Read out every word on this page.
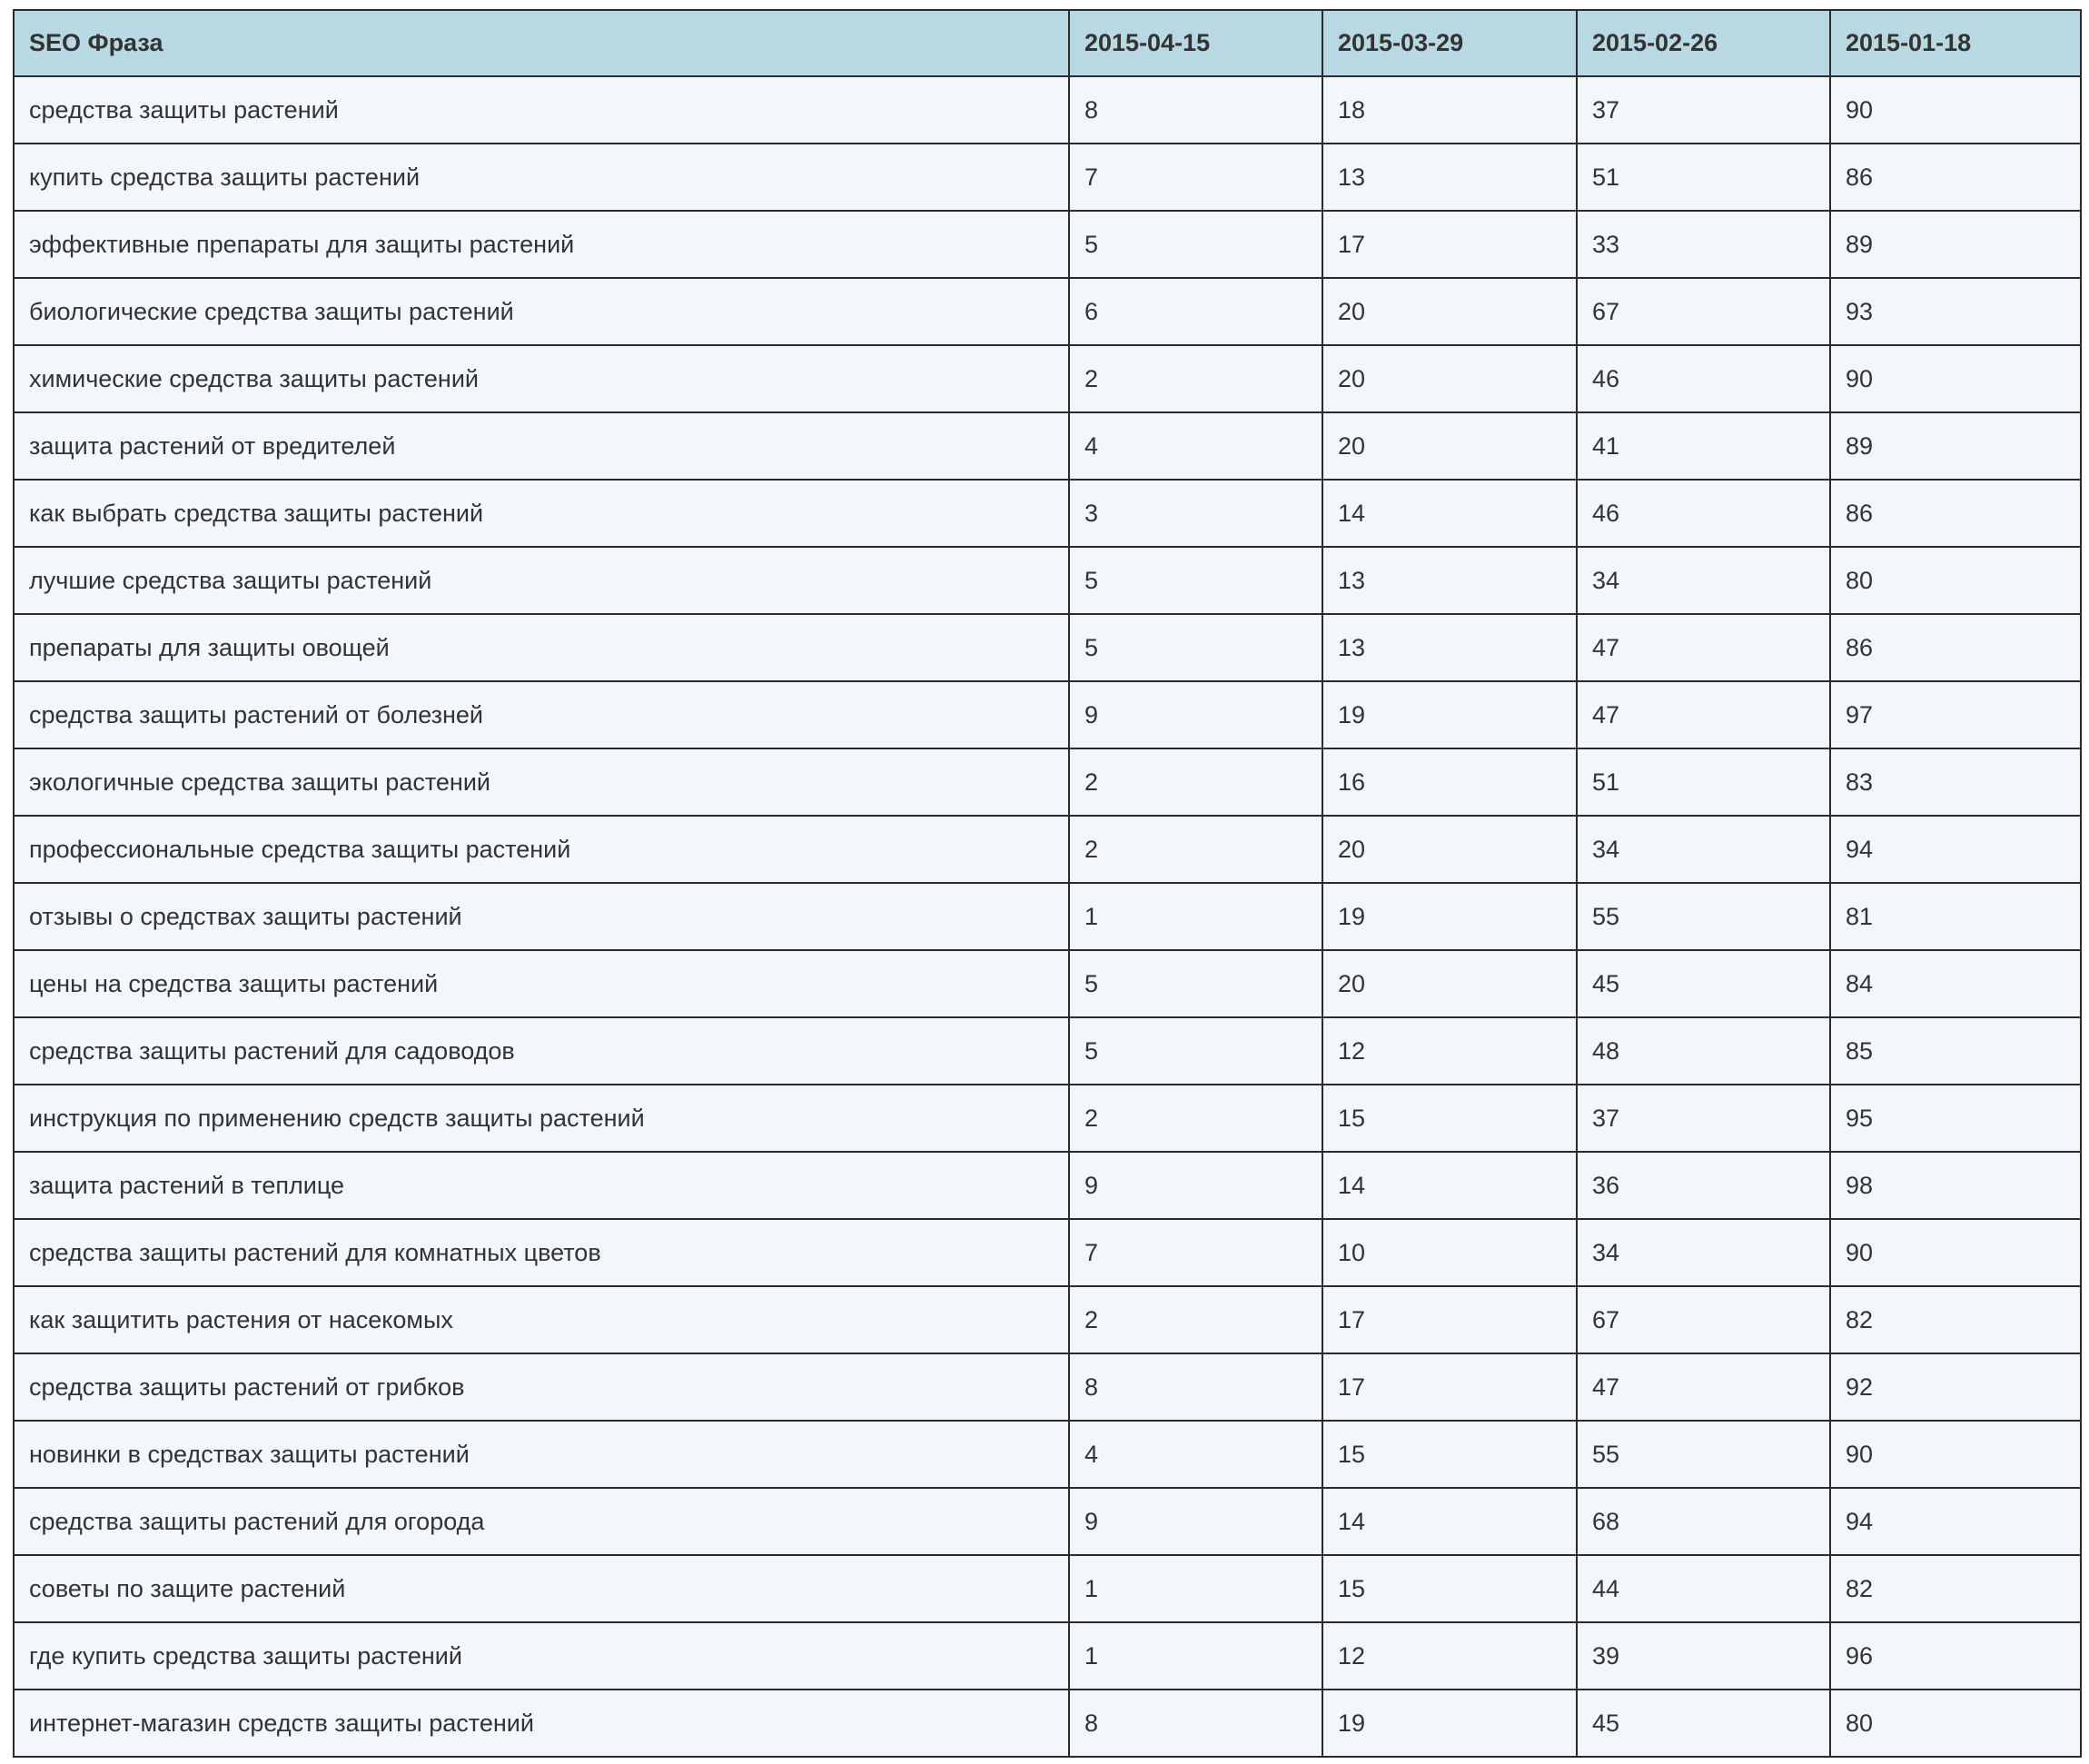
SEO Фраза	2015-04-15	2015-03-29	2015-02-26	2015-01-18
средства защиты растений	8	18	37	90
купить средства защиты растений	7	13	51	86
эффективные препараты для защиты растений	5	17	33	89
биологические средства защиты растений	6	20	67	93
химические средства защиты растений	2	20	46	90
защита растений от вредителей	4	20	41	89
как выбрать средства защиты растений	3	14	46	86
лучшие средства защиты растений	5	13	34	80
препараты для защиты овощей	5	13	47	86
средства защиты растений от болезней	9	19	47	97
экологичные средства защиты растений	2	16	51	83
профессиональные средства защиты растений	2	20	34	94
отзывы о средствах защиты растений	1	19	55	81
цены на средства защиты растений	5	20	45	84
средства защиты растений для садоводов	5	12	48	85
инструкция по применению средств защиты растений	2	15	37	95
защита растений в теплице	9	14	36	98
средства защиты растений для комнатных цветов	7	10	34	90
как защитить растения от насекомых	2	17	67	82
средства защиты растений от грибков	8	17	47	92
новинки в средствах защиты растений	4	15	55	90
средства защиты растений для огорода	9	14	68	94
советы по защите растений	1	15	44	82
где купить средства защиты растений	1	12	39	96
интернет-магазин средств защиты растений	8	19	45	80
